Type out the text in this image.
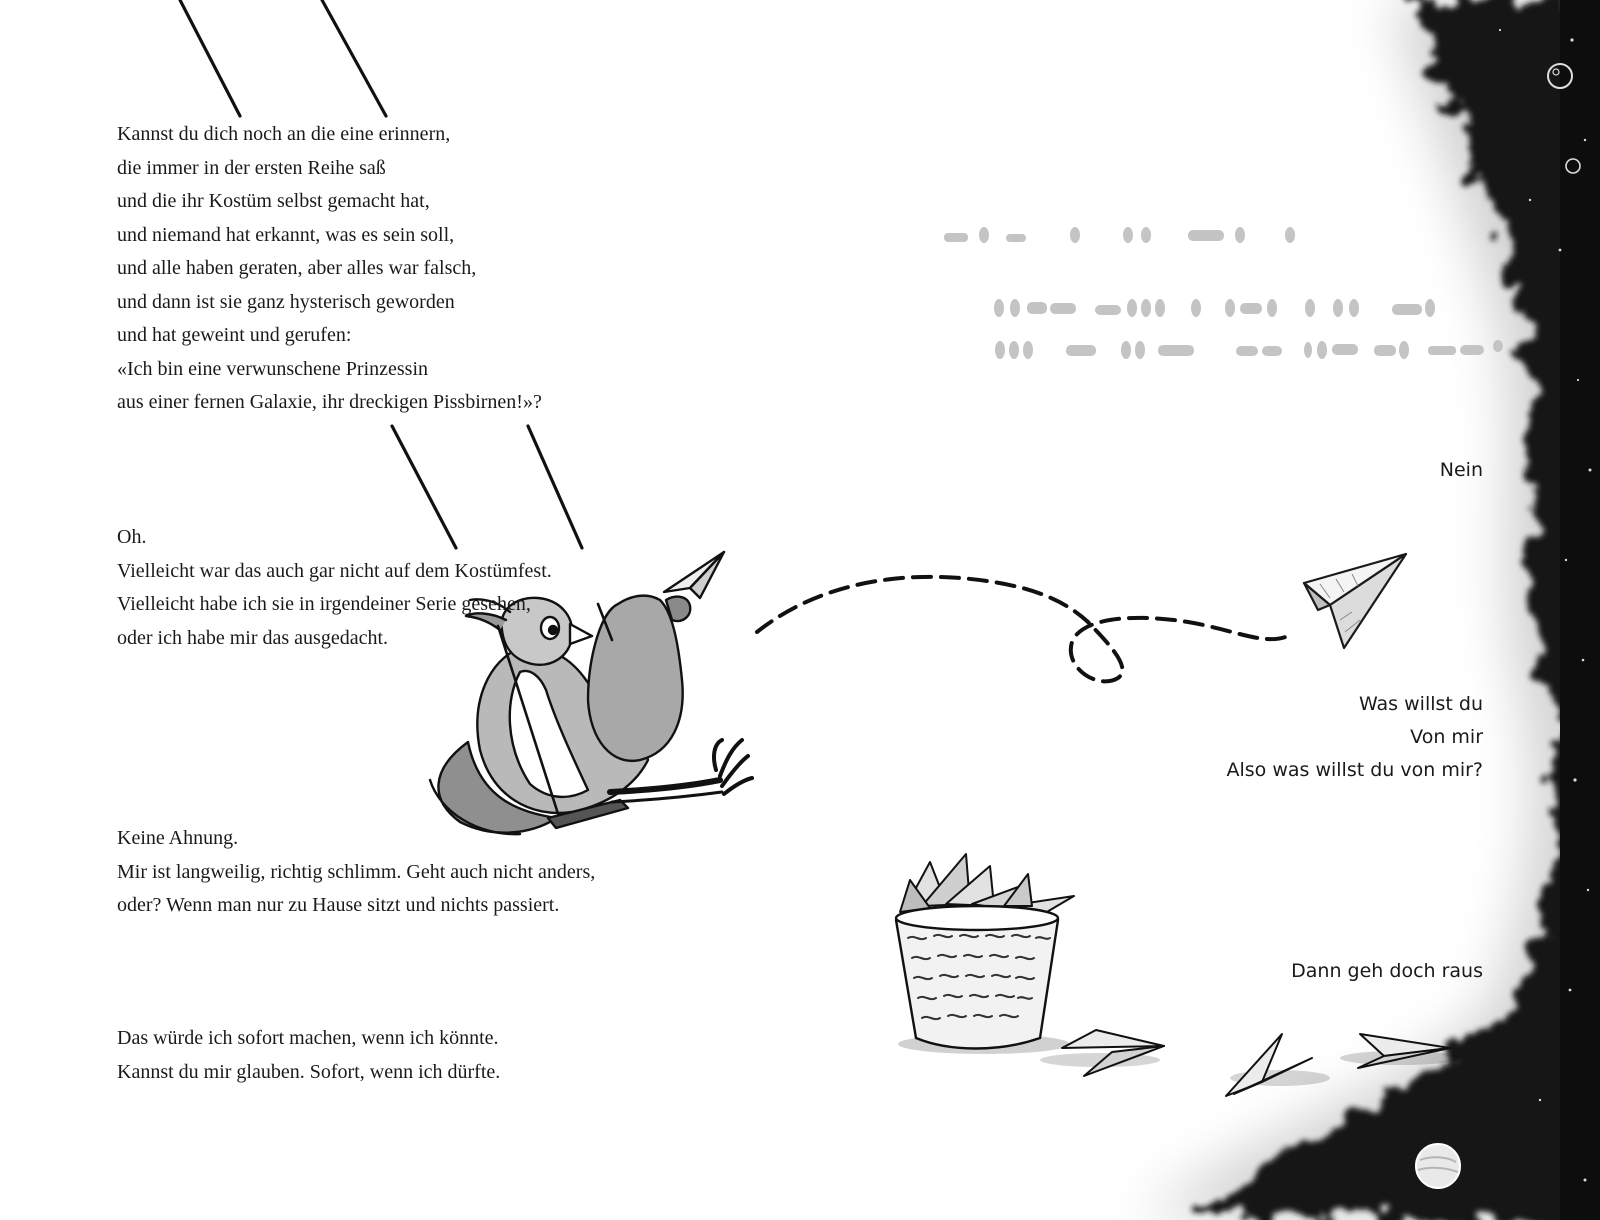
Kannst du dich noch an die eine erinnern,
die immer in der ersten Reihe saß
und die ihr Kostüm selbst gemacht hat,
und niemand hat erkannt, was es sein soll,
und alle haben geraten, aber alles war falsch,
und dann ist sie ganz hysterisch geworden
und hat geweint und gerufen:
«Ich bin eine verwunschene Prinzessin
aus einer fernen Galaxie, ihr dreckigen Pissbirnen!»?
Oh.
Vielleicht war das auch gar nicht auf dem Kostümfest.
Vielleicht habe ich sie in irgendeiner Serie gesehen,
oder ich habe mir das ausgedacht.
Keine Ahnung.
Mir ist langweilig, richtig schlimm. Geht auch nicht anders,
oder? Wenn man nur zu Hause sitzt und nichts passiert.
Das würde ich sofort machen, wenn ich könnte.
Kannst du mir glauben. Sofort, wenn ich dürfte.
Nein
Was willst du
Von mir
Also was willst du von mir?
Dann geh doch raus
